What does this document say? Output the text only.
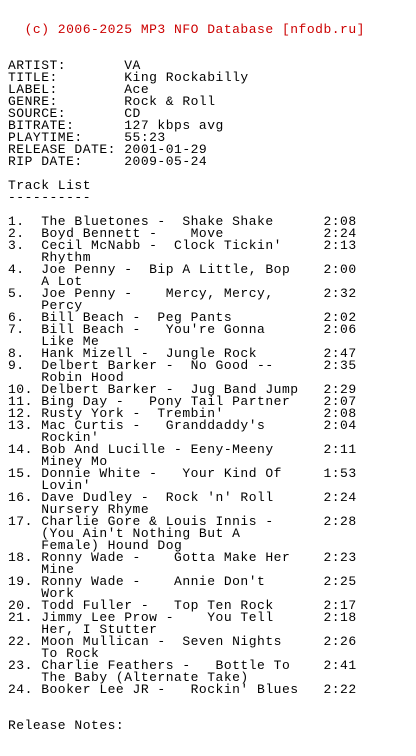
(c) 2006-2025 MP3 NFO Database [nfodb.ru]

ARTIST:       VA
TITLE:        King Rockabilly
LABEL:        Ace
GENRE:        Rock & Roll
SOURCE:       CD
BITRATE:      127 kbps avg
PLAYTIME:     55:23
RELEASE DATE: 2001-01-29
RIP DATE:     2009-05-24

Track List
----------

1.  The Bluetones -  Shake Shake      2:08
2.  Boyd Bennett -    Move            2:24
3.  Cecil McNabb -  Clock Tickin'     2:13
Rhythm
4.  Joe Penny -  Bip A Little, Bop    2:00
A Lot
5.  Joe Penny -    Mercy, Mercy,      2:32
Percy
6.  Bill Beach -  Peg Pants           2:02
7.  Bill Beach -   You're Gonna       2:06
Like Me
8.  Hank Mizell -  Jungle Rock        2:47
9.  Delbert Barker -  No Good --      2:35
Robin Hood
10. Delbert Barker -  Jug Band Jump   2:29
11. Bing Day -   Pony Tail Partner    2:07
12. Rusty York -  Trembin'            2:08
13. Mac Curtis -   Granddaddy's       2:04
Rockin'
14. Bob And Lucille - Eeny-Meeny      2:11
Miney Mo
15. Donnie White -   Your Kind Of     1:53
Lovin'
16. Dave Dudley -  Rock 'n' Roll      2:24
Nursery Rhyme
17. Charlie Gore & Louis Innis -      2:28
(You Ain't Nothing But A
Female) Hound Dog
18. Ronny Wade -    Gotta Make Her    2:23
Mine
19. Ronny Wade -    Annie Don't       2:25
Work
20. Todd Fuller -   Top Ten Rock      2:17
21. Jimmy Lee Prow -    You Tell      2:18
Her, I Stutter
22. Moon Mullican -  Seven Nights     2:26
To Rock
23. Charlie Feathers -   Bottle To    2:41
The Baby (Alternate Take)
24. Booker Lee JR -   Rockin' Blues   2:22

Release Notes:
